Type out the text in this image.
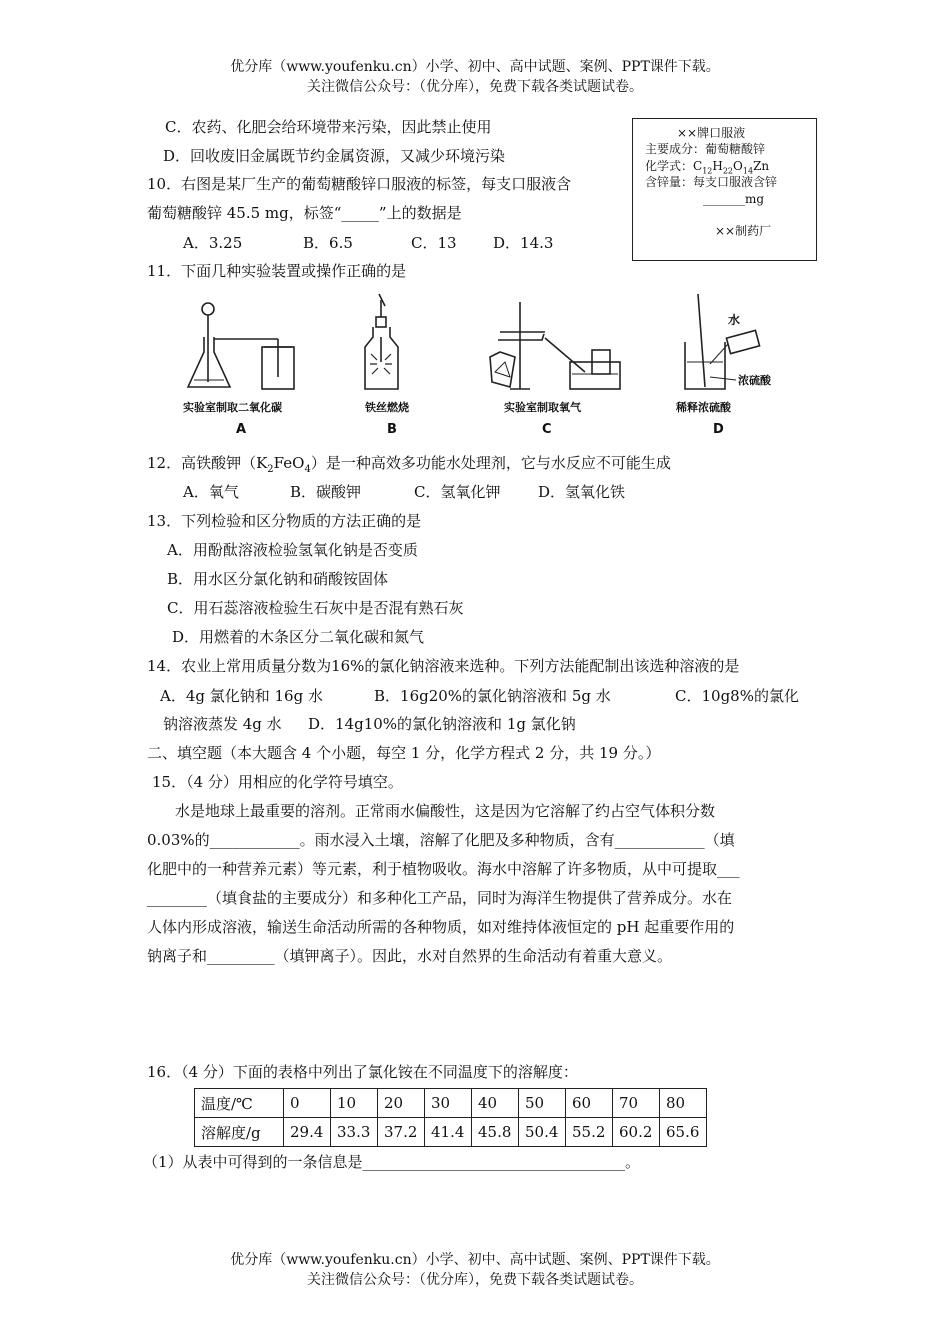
优分库（www.youfenku.cn）小学、初中、高中试题、案例、PPT课件下载。
关注微信公众号：（优分库），免费下载各类试题试卷。
C．农药、化肥会给环境带来污染，因此禁止使用
D．回收废旧金属既节约金属资源，又减少环境污染
10．右图是某厂生产的葡萄糖酸锌口服液的标签，每支口服液含
葡萄糖酸锌 45.5 mg，标签“_____”上的数据是
A．3.25	B．6.5	C．13 D．14.3
××牌口服液
主要成分：葡萄糖酸锌
化学式：$C_{12}H_{22}O_{14}Zn$
含锌量：每支口服液含锌
_______mg
××制药厂
11．下面几种实验装置或操作正确的是
水
浓硫酸
实验室制取二氧化碳	铁丝燃烧	实验室制取氧气	稀释浓硫酸
A	B	C	D
12．高铁酸钾$(K_2FeO_4)$是一种高效多功能水处理剂，它与水反应不可能生成
A．氧气	B．碳酸钾	C．氢氧化钾	D．氢氧化铁
13．下列检验和区分物质的方法正确的是
A．用酚酞溶液检验氢氧化钠是否变质
B．用水区分氯化钠和硝酸铵固体
C．用石蕊溶液检验生石灰中是否混有熟石灰
D．用燃着的木条区分二氧化碳和氮气
14．农业上常用质量分数为16%的氯化钠溶液来选种。下列方法能配制出该选种溶液的是
A．4g 氯化钠和 16g 水	B．16g20%的氯化钠溶液和 5g 水	C．10g8%的氯化
钠溶液蒸发 4g 水 D．14g10%的氯化钠溶液和 1g 氯化钠
二、填空题（本大题含 4 个小题，每空 1 分，化学方程式 2 分，共 19 分。）
15．（4 分）用相应的化学符号填空。
水是地球上最重要的溶剂。正常雨水偏酸性，这是因为它溶解了约占空气体积分数
0.03%的____________。雨水浸入土壤，溶解了化肥及多种物质，含有____________（填
化肥中的一种营养元素）等元素，利于植物吸收。海水中溶解了许多物质，从中可提取___
________（填食盐的主要成分）和多种化工产品，同时为海洋生物提供了营养成分。水在
人体内形成溶液，输送生命活动所需的各种物质，如对维持体液恒定的 pH 起重要作用的
钠离子和_________（填钾离子）。因此，水对自然界的生命活动有着重大意义。
16．（4 分）下面的表格中列出了氯化铵在不同温度下的溶解度：
温度/℃	0	10	20	30	40	50	60	70	80
溶解度/g	29.4	33.3	37.2	41.4	45.8	50.4	55.2	60.2	65.6
（1）从表中可得到的一条信息是___________________________________。
优分库（www.youfenku.cn）小学、初中、高中试题、案例、PPT课件下载。
关注微信公众号：（优分库），免费下载各类试题试卷。
